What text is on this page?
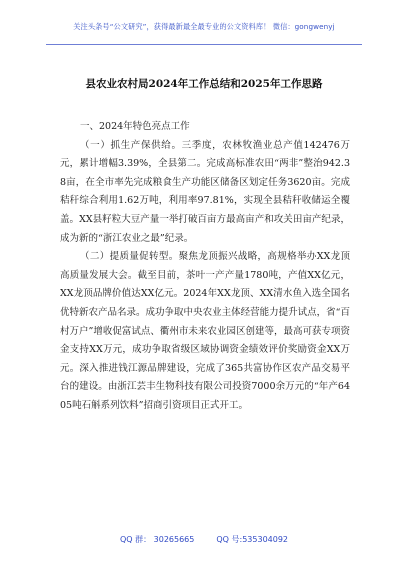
关注头条号“公文研究”，获得最新最全最专业的公文资料库！ 微信：gongwenyj
县农业农村局2024年工作总结和2025年工作思路

一、2024年特色亮点工作

（一）抓生产保供给。三季度，农林牧渔业总产值142476万元，累计增幅3.39%，全县第二。完成高标准农田“两非”整治942.38亩，在全市率先完成粮食生产功能区储备区划定任务3620亩。完成秸秆综合利用1.62万吨，利用率97.81%，实现全县秸秆收储运全覆盖。XX县籽粒大豆产量一举打破百亩方最高亩产和攻关田亩产纪录，成为新的“浙江农业之最”纪录。

（二）提质量促转型。聚焦龙顶振兴战略，高规格举办XX龙顶高质量发展大会。截至目前，茶叶一产产量1780吨，产值XX亿元，XX龙顶品牌价值达XX亿元。2024年XX龙顶、XX清水鱼入选全国名优特新农产品名录。成功争取中央农业主体经营能力提升试点，省“百村万户”增收促富试点、衢州市未来农业园区创建等，最高可获专项资金支持XX万元，成功争取省级区域协调资金绩效评价奖励资金XX万元。深入推进钱江源品牌建设，完成了365共富协作区农产品交易平台的建设。由浙江芸丰生物科技有限公司投资7000余万元的“年产6405吨石斛系列饮料”招商引资项目正式开工。

QQ 群： 30265665	QQ 号:535304092
